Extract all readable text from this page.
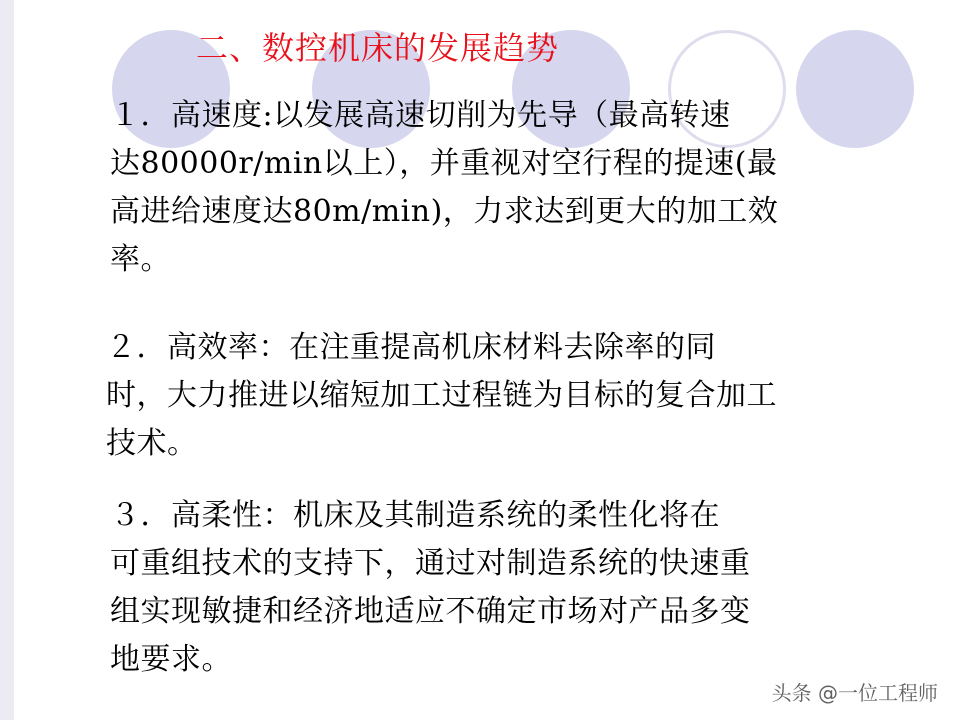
二、数控机床的发展趋势

１．高速度:以发展高速切削为先导（最高转速
达80000r/min以上），并重视对空行程的提速(最
高进给速度达80m/min)，力求达到更大的加工效
率。

２．高效率：在注重提高机床材料去除率的同
时，大力推进以缩短加工过程链为目标的复合加工
技术。

３．高柔性：机床及其制造系统的柔性化将在
可重组技术的支持下，通过对制造系统的快速重
组实现敏捷和经济地适应不确定市场对产品多变
地要求。

头条 @一位工程师
